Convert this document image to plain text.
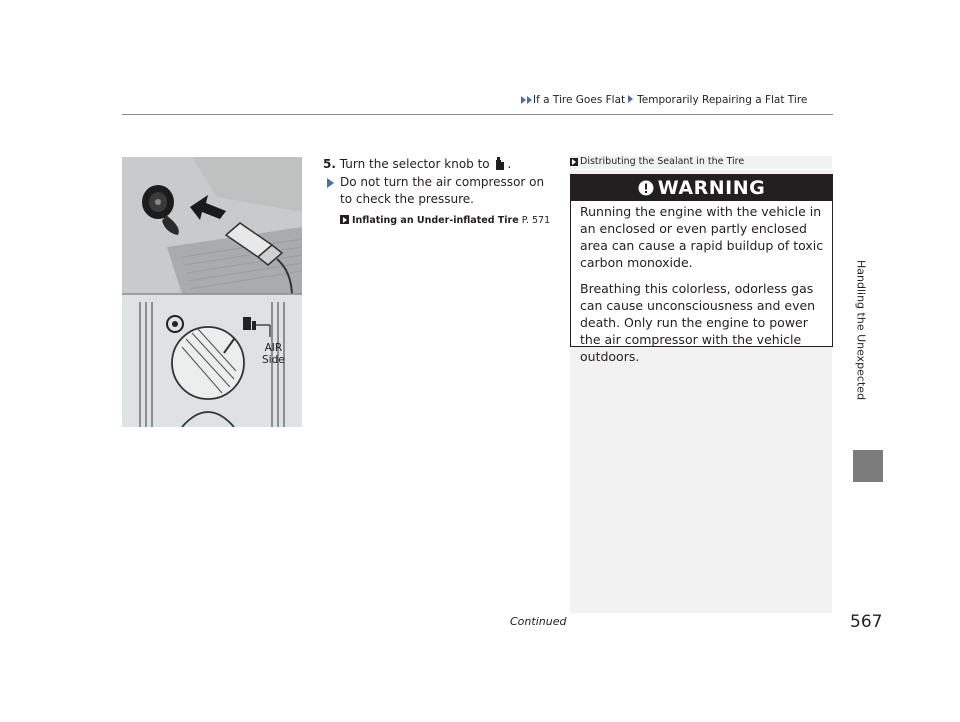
If a Tire Goes Flat Temporarily Repairing a Flat Tire
Handling the Unexpected
AIR
Side
5. Turn the selector knob to .
Do not turn the air compressor on to check the pressure.
Inflating an Under-inflated Tire P. 571
Distributing the Sealant in the Tire
WARNING

Running the engine with the vehicle in an enclosed or even partly enclosed area can cause a rapid buildup of toxic carbon monoxide.

Breathing this colorless, odorless gas can cause unconsciousness and even death. Only run the engine to power the air compressor with the vehicle outdoors.

Continued	567
